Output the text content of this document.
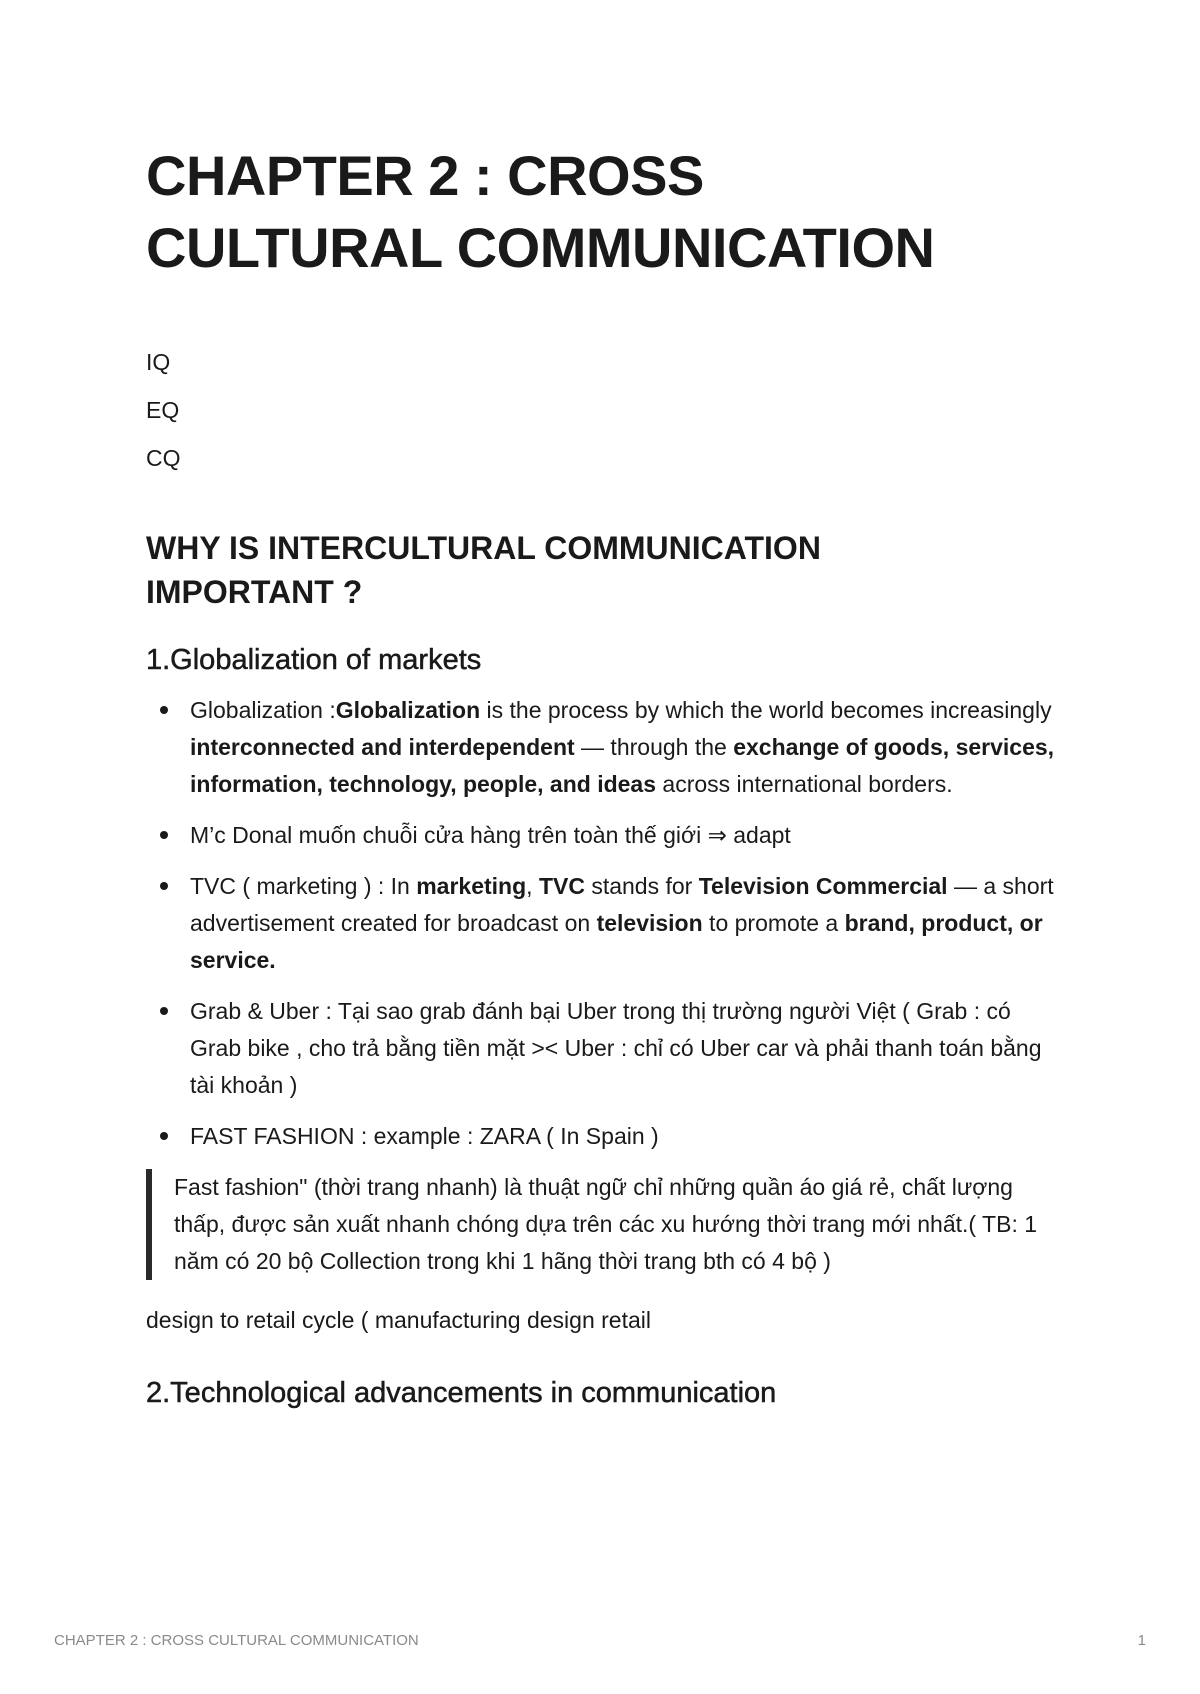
CHAPTER 2 : CROSS
CULTURAL COMMUNICATION
IQ
EQ
CQ
WHY IS INTERCULTURAL COMMUNICATION
IMPORTANT ?
1.Globalization of markets
Globalization :Globalization is the process by which the world becomes increasingly interconnected and interdependent — through the exchange of goods, services, information, technology, people, and ideas across international borders.
M’c Donal muốn chuỗi cửa hàng trên toàn thế giới ⇒ adapt
TVC ( marketing ) : In marketing, TVC stands for Television Commercial — a short advertisement created for broadcast on television to promote a brand, product, or service.
Grab & Uber : Tại sao grab đánh bại Uber trong thị trường người Việt ( Grab : có Grab bike , cho trả bằng tiền mặt >< Uber : chỉ có Uber car và phải thanh toán bằng tài khoản )
FAST FASHION : example : ZARA ( In Spain )
Fast fashion" (thời trang nhanh) là thuật ngữ chỉ những quần áo giá rẻ, chất lượng thấp, được sản xuất nhanh chóng dựa trên các xu hướng thời trang mới nhất.( TB: 1 năm có 20 bộ Collection trong khi 1 hãng thời trang bth có 4 bộ )
design to retail cycle ( manufacturing design retail
2.Technological advancements in communication
CHAPTER 2 : CROSS CULTURAL COMMUNICATION	1
